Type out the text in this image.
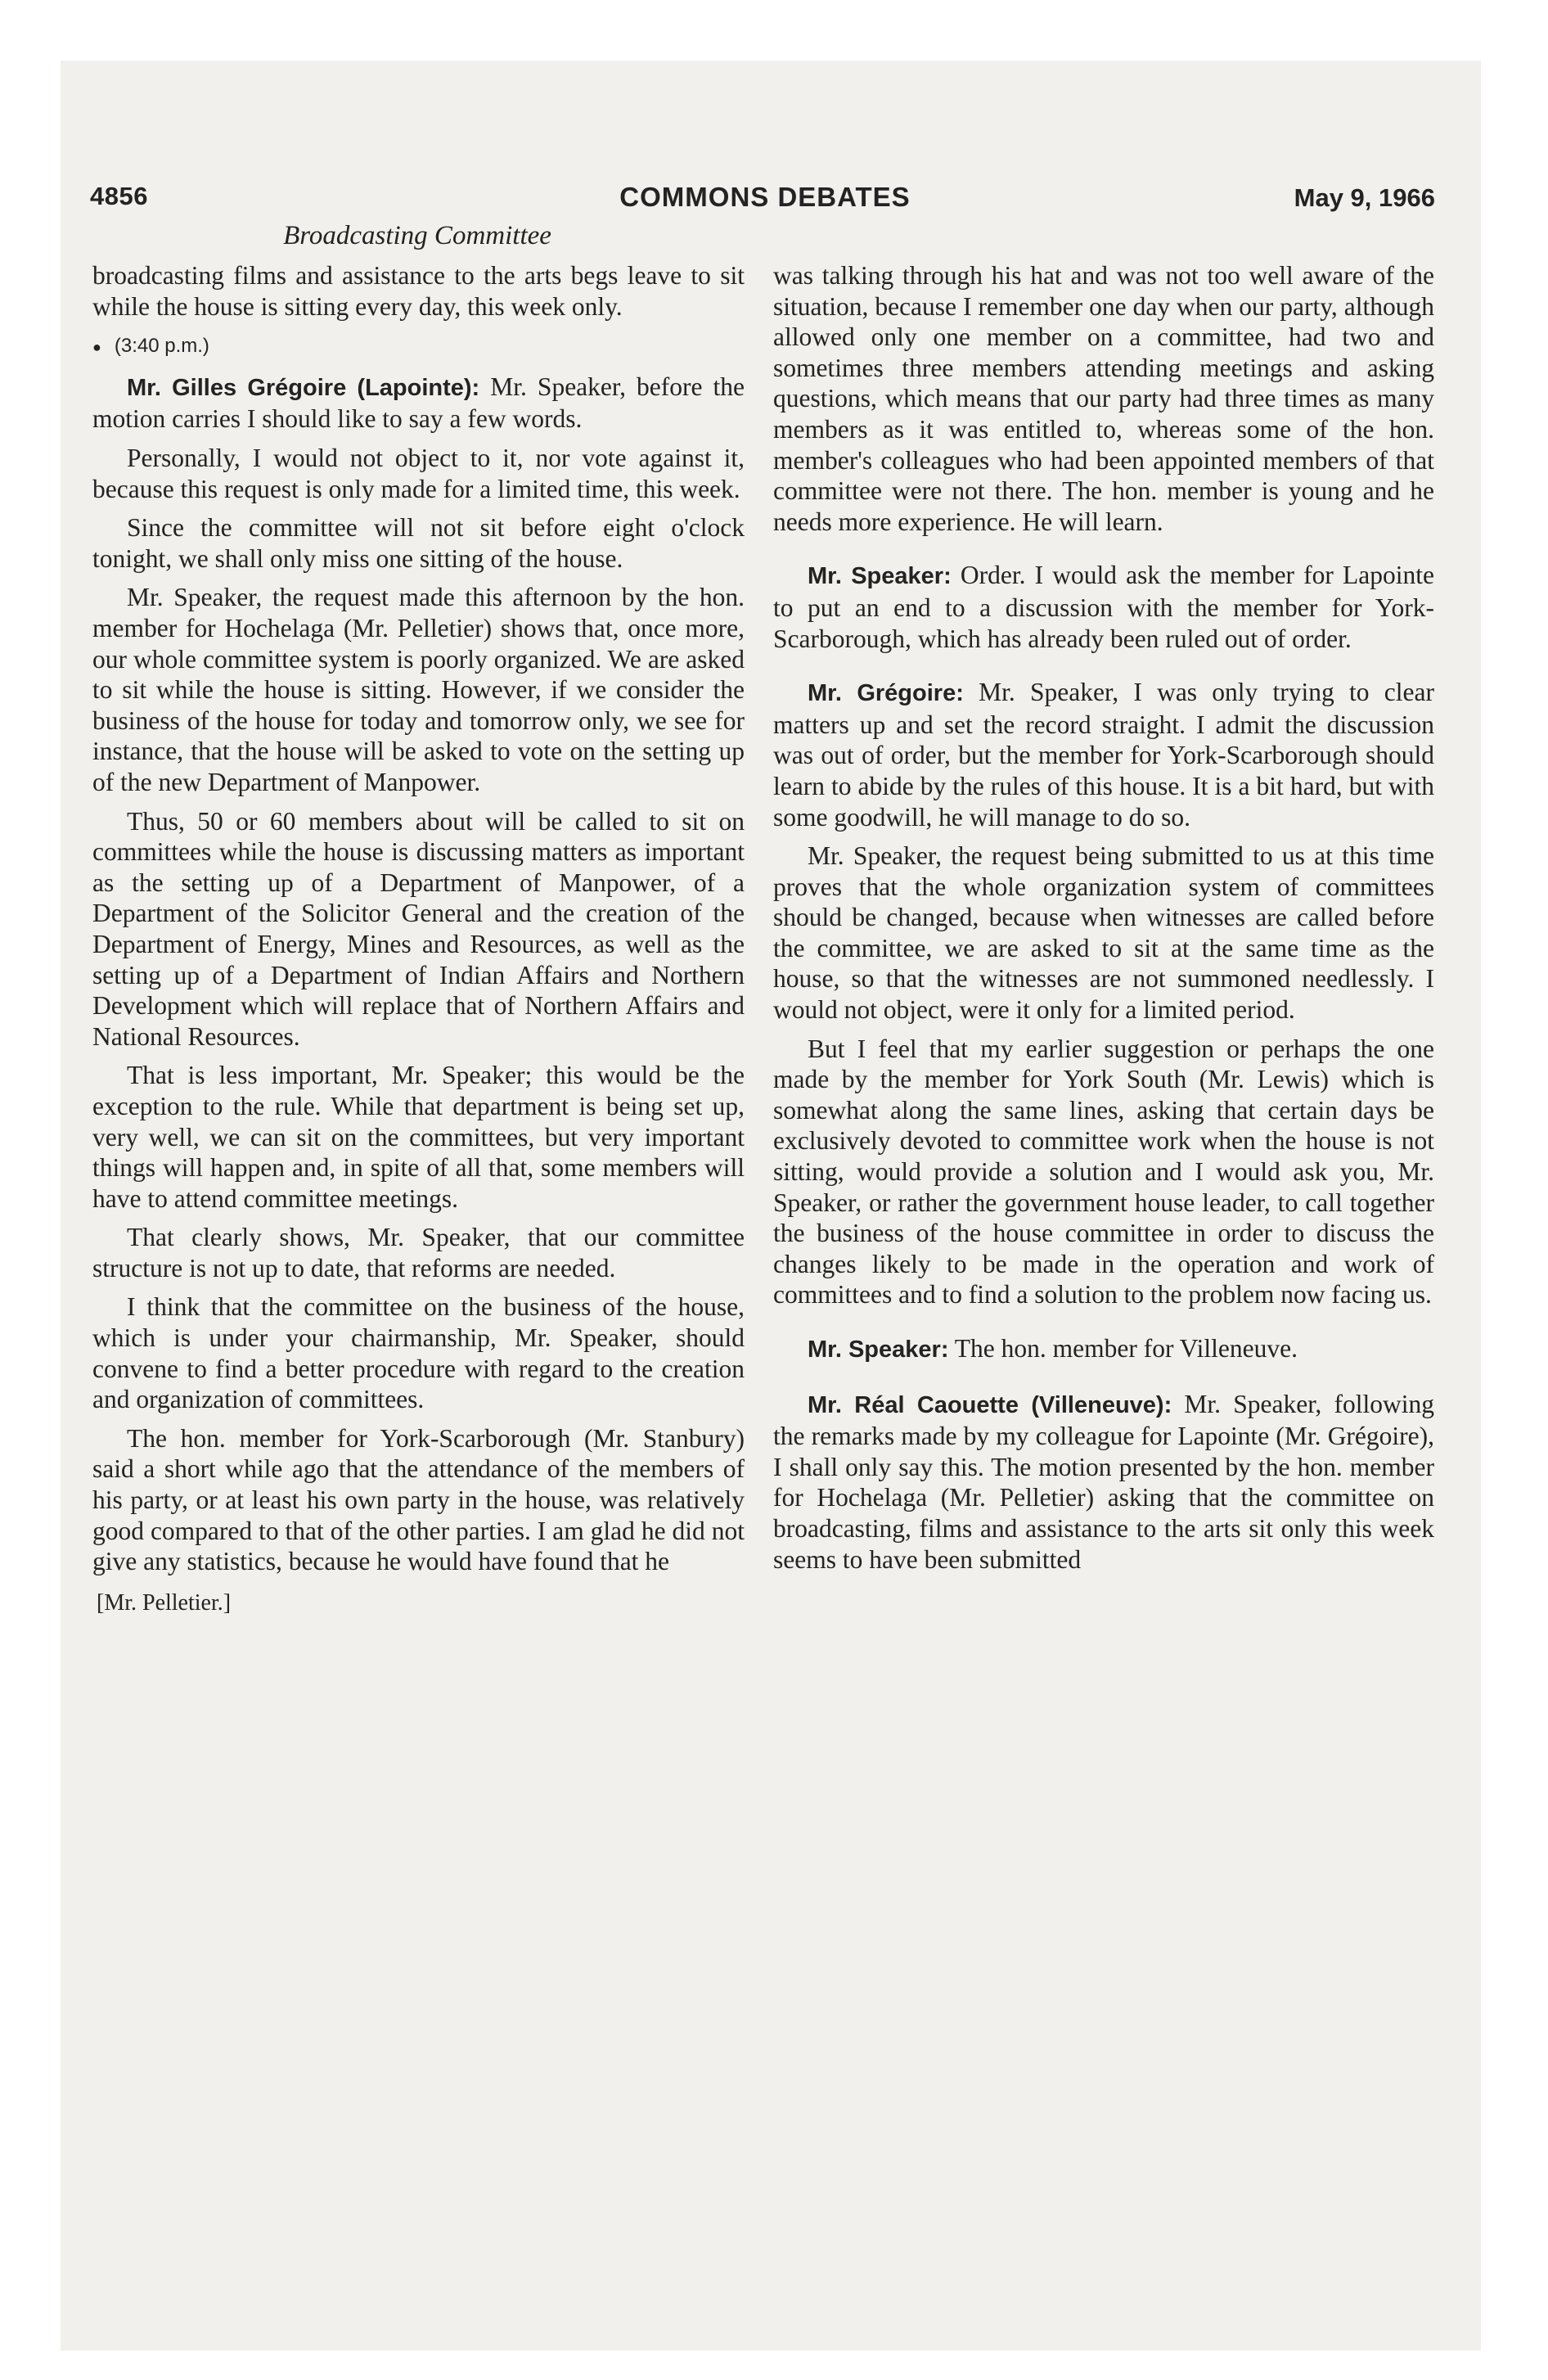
4856	COMMONS DEBATES	May 9, 1966
Broadcasting Committee

broadcasting films and assistance to the arts begs leave to sit while the house is sitting every day, this week only.

● (3:40 p.m.)

Mr. Gilles Grégoire (Lapointe): Mr. Speaker, before the motion carries I should like to say a few words.

Personally, I would not object to it, nor vote against it, because this request is only made for a limited time, this week.

Since the committee will not sit before eight o'clock tonight, we shall only miss one sitting of the house.

Mr. Speaker, the request made this afternoon by the hon. member for Hochelaga (Mr. Pelletier) shows that, once more, our whole committee system is poorly organized. We are asked to sit while the house is sitting. However, if we consider the business of the house for today and tomorrow only, we see for instance, that the house will be asked to vote on the setting up of the new Department of Manpower.

Thus, 50 or 60 members about will be called to sit on committees while the house is discussing matters as important as the setting up of a Department of Manpower, of a Department of the Solicitor General and the creation of the Department of Energy, Mines and Resources, as well as the setting up of a Department of Indian Affairs and Northern Development which will replace that of Northern Affairs and National Resources.

That is less important, Mr. Speaker; this would be the exception to the rule. While that department is being set up, very well, we can sit on the committees, but very important things will happen and, in spite of all that, some members will have to attend committee meetings.

That clearly shows, Mr. Speaker, that our committee structure is not up to date, that reforms are needed.

I think that the committee on the business of the house, which is under your chairmanship, Mr. Speaker, should convene to find a better procedure with regard to the creation and organization of committees.

The hon. member for York-Scarborough (Mr. Stanbury) said a short while ago that the attendance of the members of his party, or at least his own party in the house, was relatively good compared to that of the other parties. I am glad he did not give any statistics, because he would have found that he

was talking through his hat and was not too well aware of the situation, because I remember one day when our party, although allowed only one member on a committee, had two and sometimes three members attending meetings and asking questions, which means that our party had three times as many members as it was entitled to, whereas some of the hon. member's colleagues who had been appointed members of that committee were not there. The hon. member is young and he needs more experience. He will learn.

Mr. Speaker: Order. I would ask the member for Lapointe to put an end to a discussion with the member for York-Scarborough, which has already been ruled out of order.

Mr. Grégoire: Mr. Speaker, I was only trying to clear matters up and set the record straight. I admit the discussion was out of order, but the member for York-Scarborough should learn to abide by the rules of this house. It is a bit hard, but with some goodwill, he will manage to do so.

Mr. Speaker, the request being submitted to us at this time proves that the whole organization system of committees should be changed, because when witnesses are called before the committee, we are asked to sit at the same time as the house, so that the witnesses are not summoned needlessly. I would not object, were it only for a limited period.

But I feel that my earlier suggestion or perhaps the one made by the member for York South (Mr. Lewis) which is somewhat along the same lines, asking that certain days be exclusively devoted to committee work when the house is not sitting, would provide a solution and I would ask you, Mr. Speaker, or rather the government house leader, to call together the business of the house committee in order to discuss the changes likely to be made in the operation and work of committees and to find a solution to the problem now facing us.

Mr. Speaker: The hon. member for Villeneuve.

Mr. Réal Caouette (Villeneuve): Mr. Speaker, following the remarks made by my colleague for Lapointe (Mr. Grégoire), I shall only say this. The motion presented by the hon. member for Hochelaga (Mr. Pelletier) asking that the committee on broadcasting, films and assistance to the arts sit only this week seems to have been submitted

[Mr. Pelletier.]
